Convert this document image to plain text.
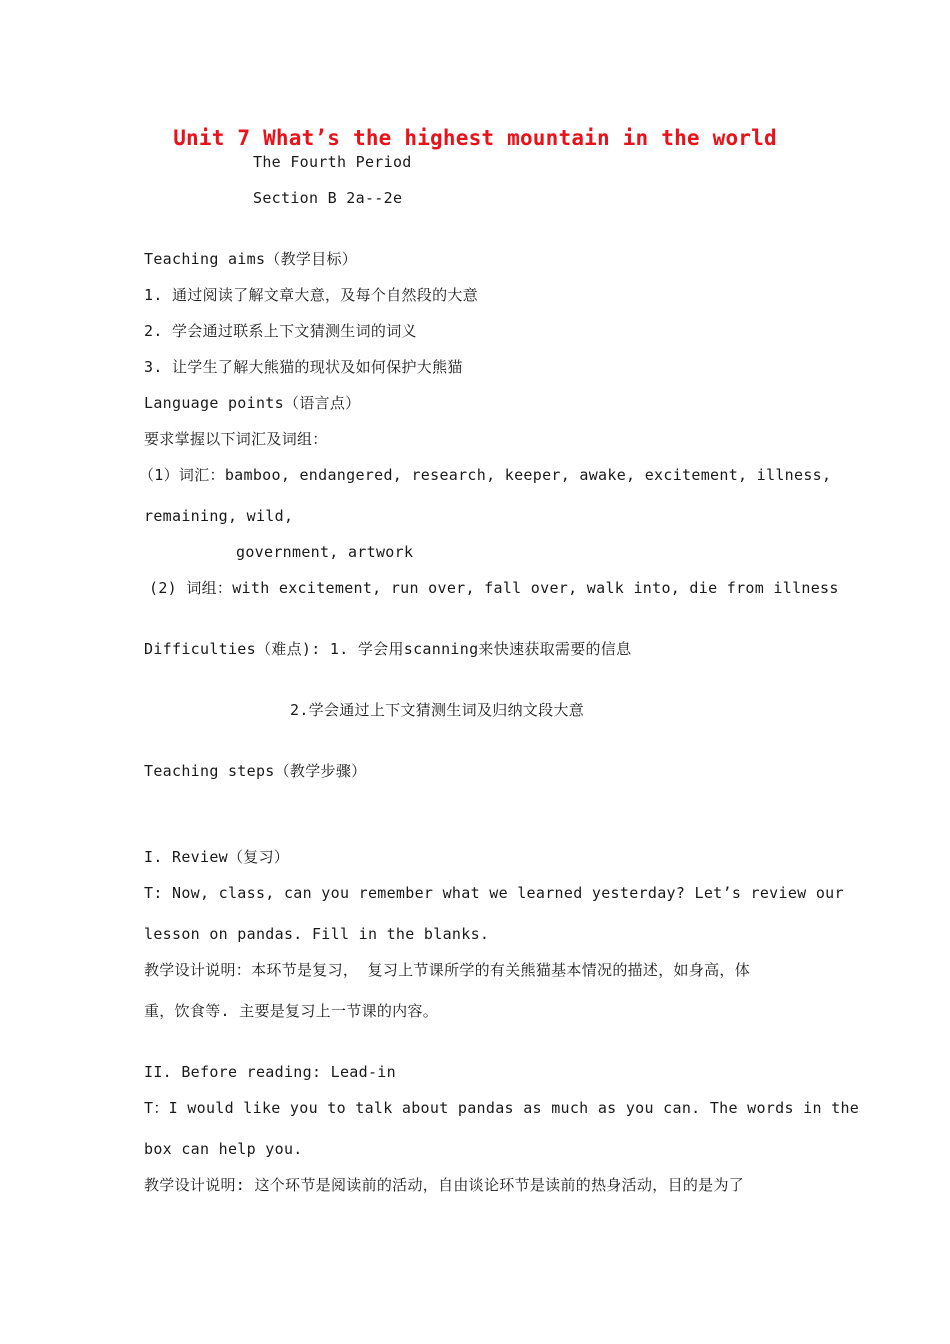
Unit 7 What’s the highest mountain in the world
The Fourth Period
Section B 2a--2e
Teaching aims（教学目标）
1. 通过阅读了解文章大意，及每个自然段的大意
2. 学会通过联系上下文猜测生词的词义
3. 让学生了解大熊猫的现状及如何保护大熊猫
Language points（语言点）
要求掌握以下词汇及词组：
（1）词汇：bamboo, endangered, research, keeper, awake, excitement, illness,
remaining, wild,
government, artwork
(2) 词组：with excitement, run over, fall over, walk into, die from illness
Difficulties（难点): 1. 学会用scanning来快速获取需要的信息
2.学会通过上下文猜测生词及归纳文段大意
Teaching steps（教学步骤）
I. Review（复习）
T: Now, class, can you remember what we learned yesterday? Let’s review our
lesson on pandas. Fill in the blanks.
教学设计说明：本环节是复习， 复习上节课所学的有关熊猫基本情况的描述，如身高，体
重，饮食等. 主要是复习上一节课的内容。
II. Before reading: Lead-in
T：I would like you to talk about pandas as much as you can. The words in the
box can help you.
教学设计说明: 这个环节是阅读前的活动，自由谈论环节是读前的热身活动，目的是为了
